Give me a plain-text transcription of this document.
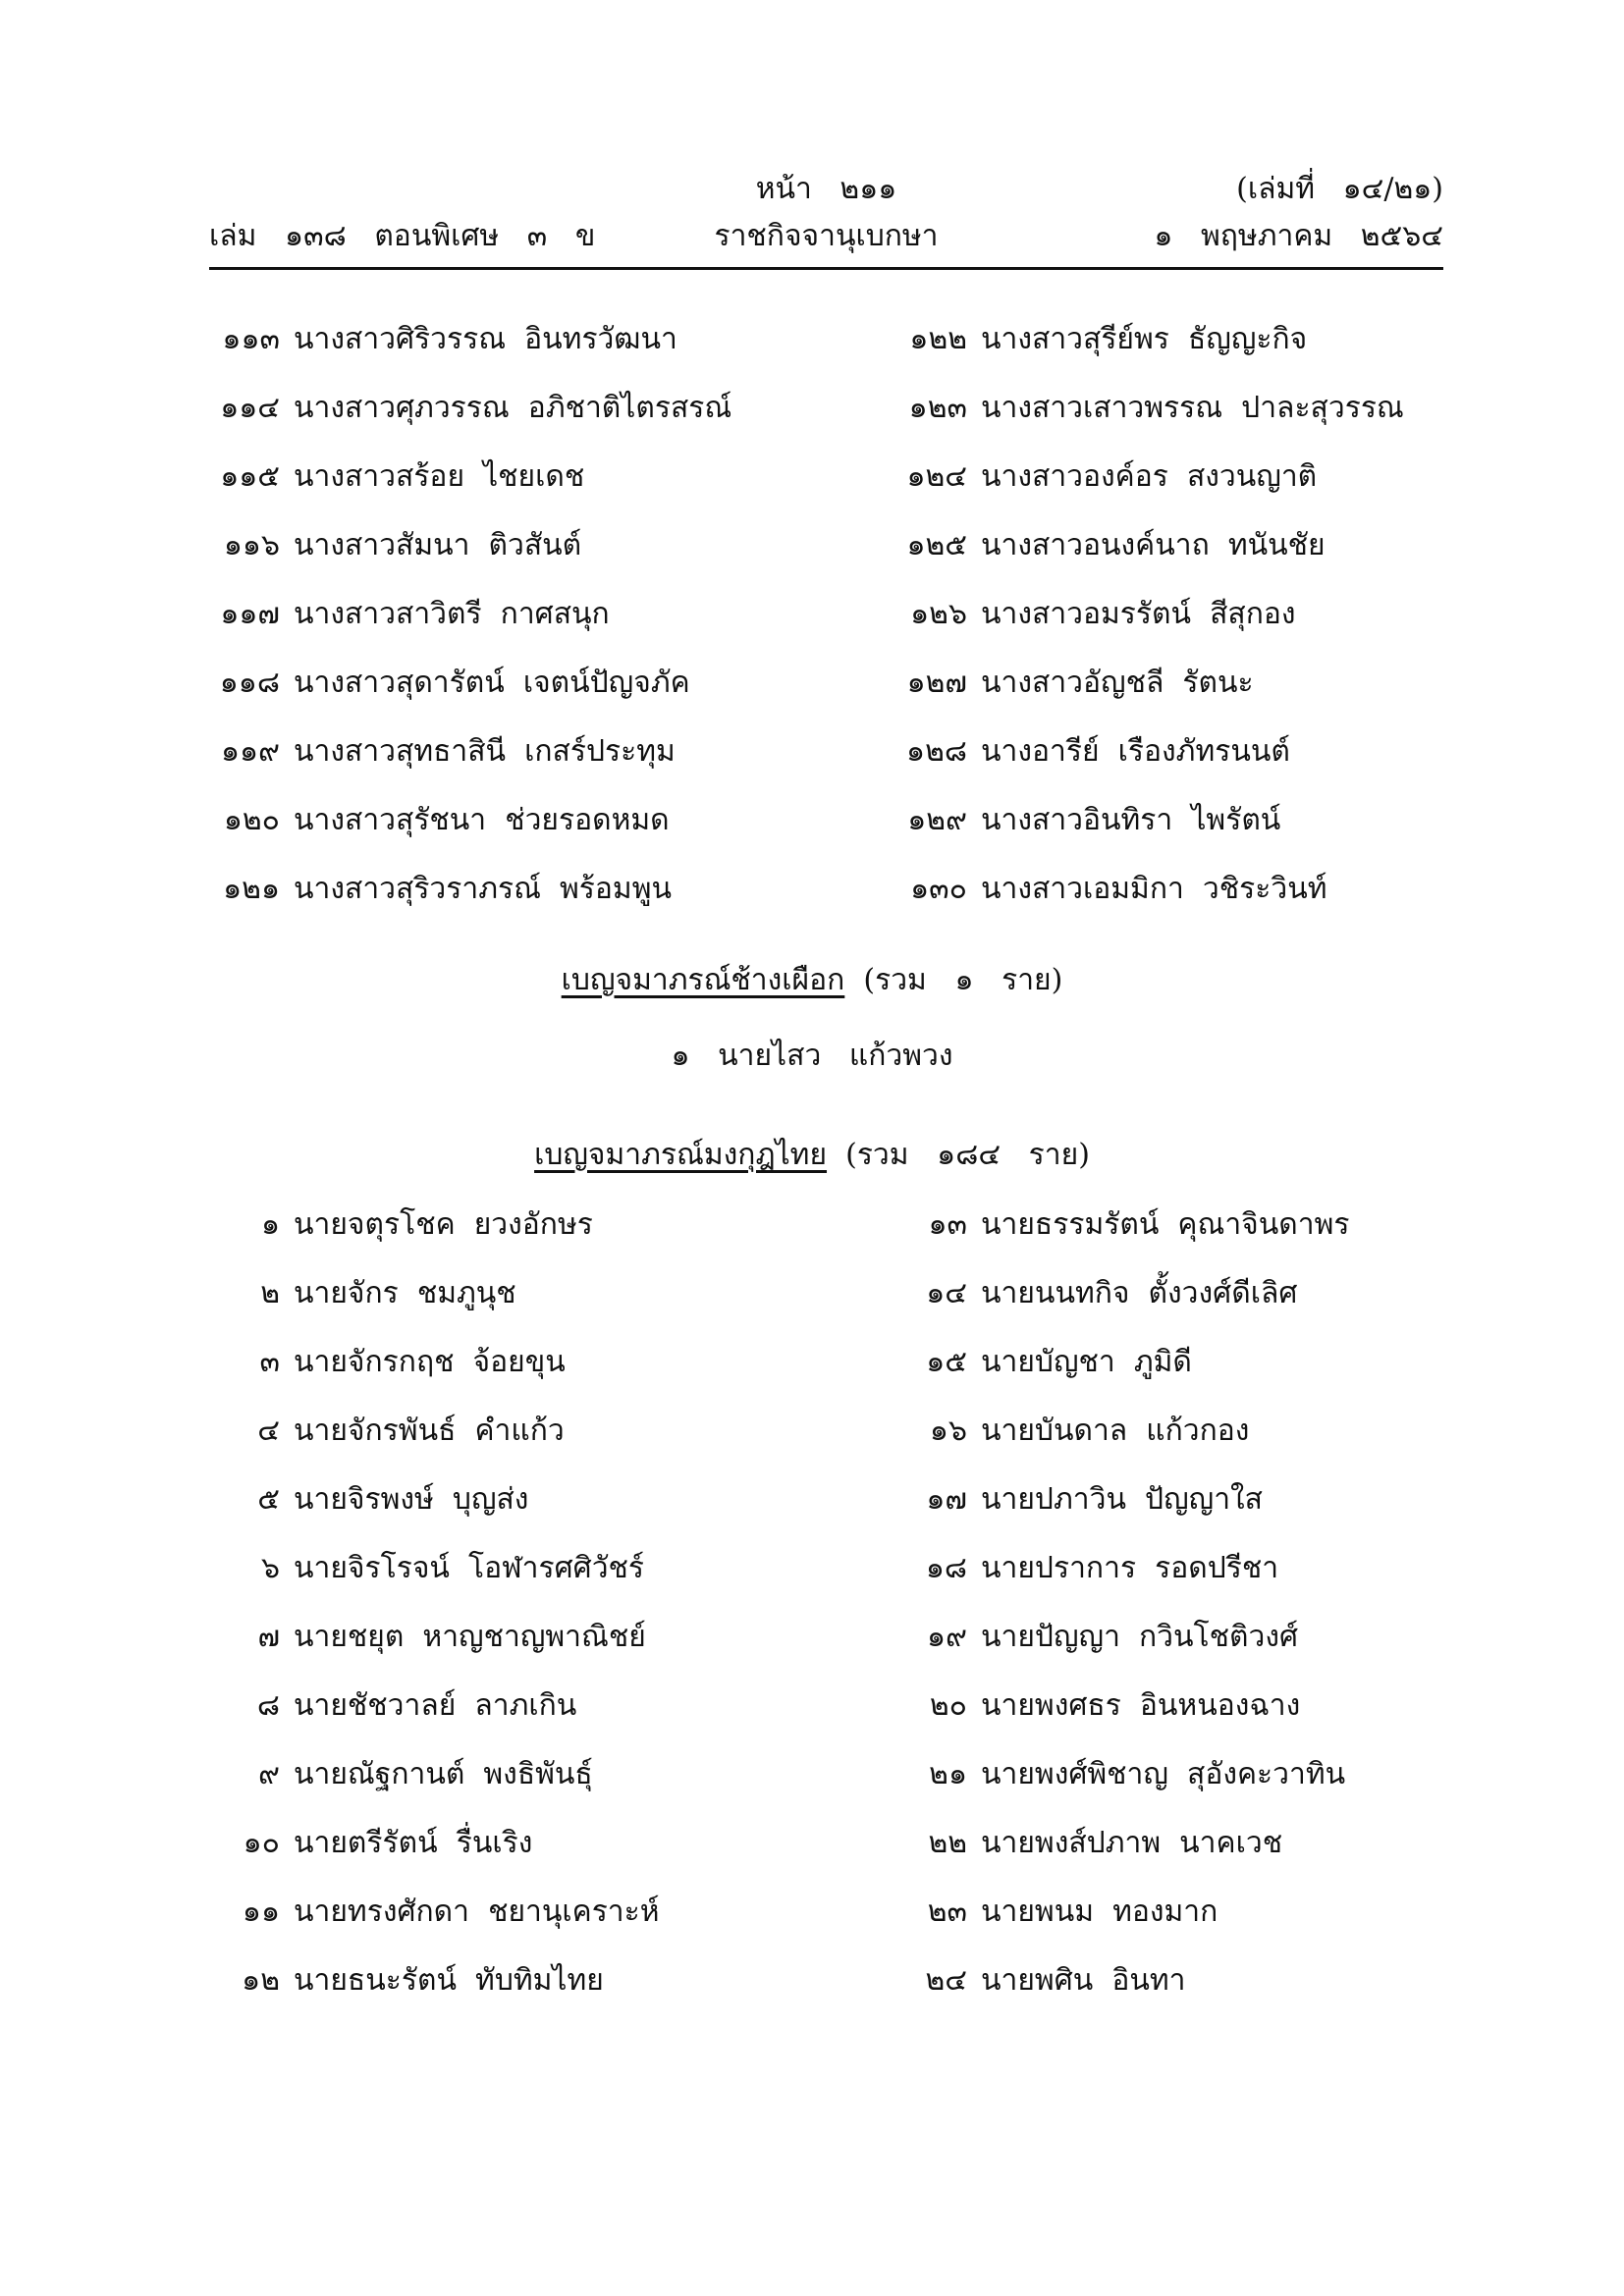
หน้า   ๒๑๑	(เล่มที่   ๑๔/๒๑)
เล่ม   ๑๓๘   ตอนพิเศษ   ๓   ข	ราชกิจจานุเบกษา	๑   พฤษภาคม   ๒๕๖๔
๑๑๓ นางสาวศิริวรรณ  อินทรวัฒนา	๑๒๒ นางสาวสุรีย์พร  ธัญญะกิจ
๑๑๔ นางสาวศุภวรรณ  อภิชาติไตรสรณ์	๑๒๓ นางสาวเสาวพรรณ  ปาละสุวรรณ
๑๑๕ นางสาวสร้อย  ไชยเดช	๑๒๔ นางสาวองค์อร  สงวนญาติ
๑๑๖ นางสาวสัมนา  ติวสันต์	๑๒๕ นางสาวอนงค์นาถ  ทนันชัย
๑๑๗ นางสาวสาวิตรี  กาศสนุก	๑๒๖ นางสาวอมรรัตน์  สีสุกอง
๑๑๘ นางสาวสุดารัตน์  เจตน์ปัญจภัค	๑๒๗ นางสาวอัญชลี  รัตนะ
๑๑๙ นางสาวสุทธาสินี  เกสร์ประทุม	๑๒๘ นางอารีย์  เรืองภัทรนนต์
๑๒๐ นางสาวสุรัชนา  ช่วยรอดหมด	๑๒๙ นางสาวอินทิรา  ไพรัตน์
๑๒๑ นางสาวสุริวราภรณ์  พร้อมพูน	๑๓๐ นางสาวเอมมิกา  วชิระวินท์
เบญจมาภรณ์ช้างเผือก (รวม   ๑   ราย)
๑   นายไสว   แก้วพวง
เบญจมาภรณ์มงกุฎไทย (รวม   ๑๘๔   ราย)
๑ นายจตุรโชค  ยวงอักษร	๑๓ นายธรรมรัตน์  คุณาจินดาพร
๒ นายจักร  ชมภูนุช	๑๔ นายนนทกิจ  ตั้งวงศ์ดีเลิศ
๓ นายจักรกฤช  จ้อยขุน	๑๕ นายบัญชา  ภูมิดี
๔ นายจักรพันธ์  คำแก้ว	๑๖ นายบันดาล  แก้วกอง
๕ นายจิรพงษ์  บุญส่ง	๑๗ นายปภาวิน  ปัญญาใส
๖ นายจิรโรจน์  โอฬารศศิวัชร์	๑๘ นายปราการ  รอดปรีชา
๗ นายชยุต  หาญชาญพาณิชย์	๑๙ นายปัญญา  กวินโชติวงศ์
๘ นายชัชวาลย์  ลาภเกิน	๒๐ นายพงศธร  อินหนองฉาง
๙ นายณัฐกานต์  พงธิพันธุ์	๒๑ นายพงศ์พิชาญ  สุอังคะวาทิน
๑๐ นายตรีรัตน์  รื่นเริง	๒๒ นายพงส์ปภาพ  นาคเวช
๑๑ นายทรงศักดา  ชยานุเคราะห์	๒๓ นายพนม  ทองมาก
๑๒ นายธนะรัตน์  ทับทิมไทย	๒๔ นายพศิน  อินทา
